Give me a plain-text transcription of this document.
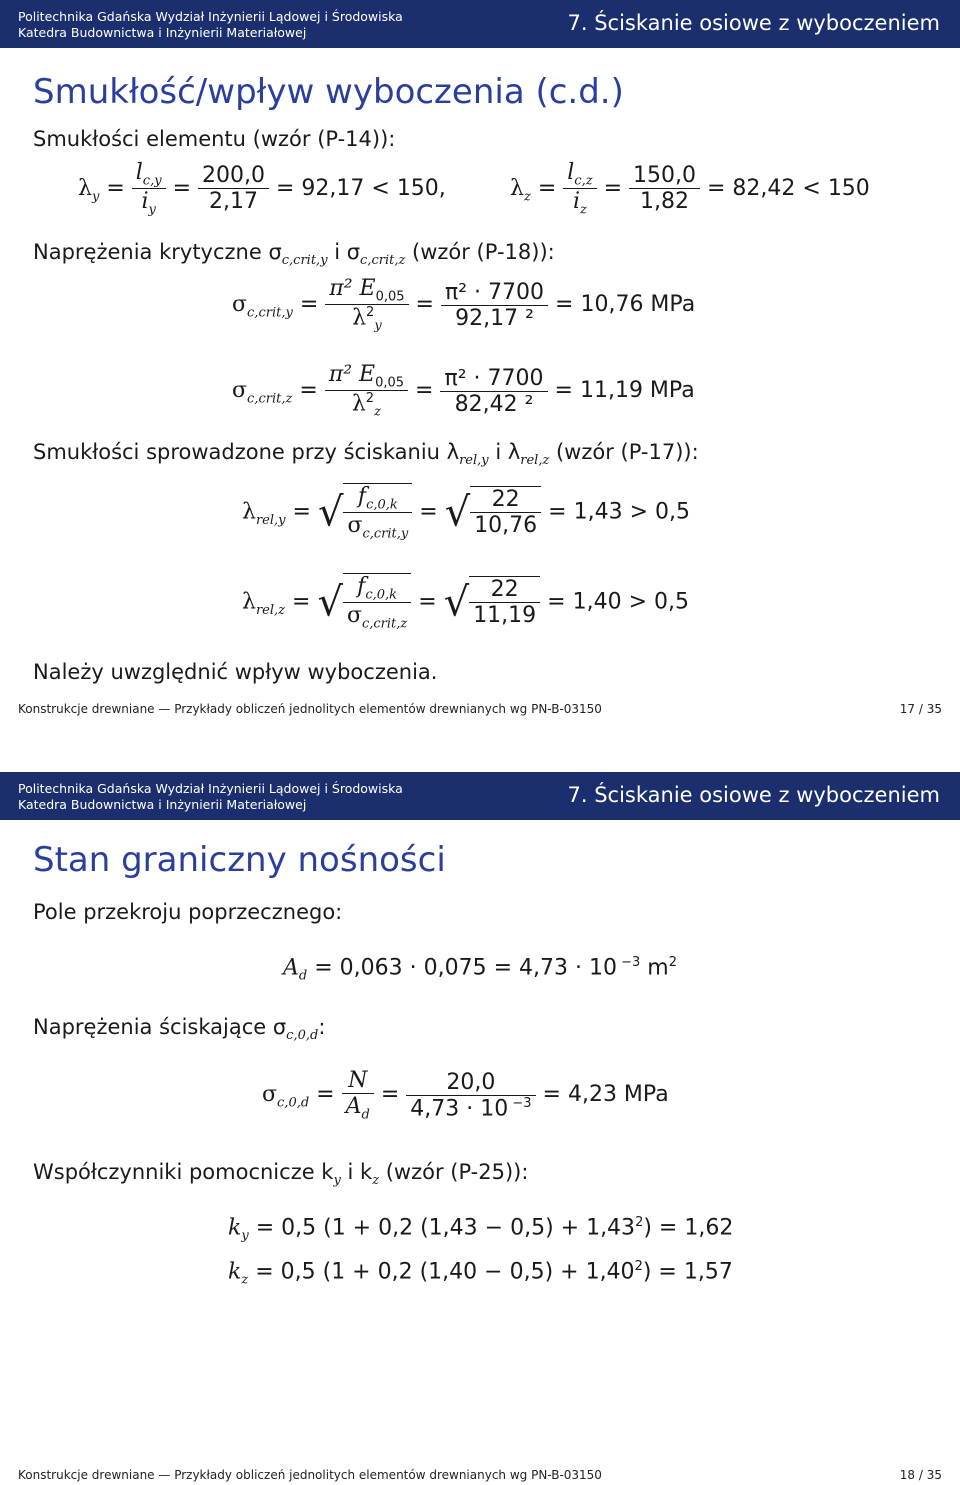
Politechnika Gdańska Wydział Inżynierii Lądowej i Środowiska
Katedra Budownictwa i Inżynierii Materiałowej	7. Ściskanie osiowe z wyboczeniem
Smukłość/wpływ wyboczenia (c.d.)
Smukłości elementu (wzór (P-14)):
$\lambda_y = \frac{l_{c,y}}{i_y} = \frac{200,0}{2,17} = 92,17 < 150$,	$\lambda_z = \frac{l_{c,z}}{i_z} = \frac{150,0}{1,82} = 82,42 < 150$
Naprężenia krytyczne $\sigma_{c,crit,y}$ i $\sigma_{c,crit,z}$ (wzór (P-18)):
$\sigma_{c,crit,y} = \frac{\pi^2 E_{0,05}}{\lambda^2_y} = \frac{\text{π² · 7700}}{\text{92,17 ²}} = 10,76$ MPa
$\sigma_{c,crit,z} = \frac{\pi^2 E_{0,05}}{\lambda^2_z} = \frac{\text{π² · 7700}}{\text{82,42 ²}} = 11,19$ MPa
Smukłości sprowadzone przy ściskaniu $\lambda_{rel,y}$ i $\lambda_{rel,z}$ (wzór (P-17)):
$\lambda_{rel,y}$ = √ $\frac{f_{c,0,k}}{\sigma_{c,crit,y}}$ = √ $\frac{22}{10,76} = 1,43 > 0,5$
$\lambda_{rel,z}$ = √ $\frac{f_{c,0,k}}{\sigma_{c,crit,z}}$ = √ $\frac{22}{11,19} = 1,40 > 0,5$
Należy uwzględnić wpływ wyboczenia.
Konstrukcje drewniane — Przykłady obliczeń jednolitych elementów drewnianych wg PN-B-03150	17 / 35
Politechnika Gdańska Wydział Inżynierii Lądowej i Środowiska
Katedra Budownictwa i Inżynierii Materiałowej	7. Ściskanie osiowe z wyboczeniem
Stan graniczny nośności
Pole przekroju poprzecznego:
$A_d = 0,063 \cdot 0,075 = 4,73 \cdot 10$ $^{-3}$ $m^2$
Naprężenia ściskające $\sigma_{c,0,d}$:
$\sigma_{c,0,d} = \frac{N}{A_d} = \frac{20,0}{4,73 \cdot 10 ^{-3}} = 4,23$ MPa
Współczynniki pomocnicze $k_y$ i $k_z$ (wzór (P-25)):
$k_y = 0,5$ (1 + 0,2 $(1,43 - 0,5) + 1,43^2) = 1,62$
$k_z = 0,5$ (1 + 0,2 $(1,40 - 0,5) + 1,40^2) = 1,57$
Konstrukcje drewniane — Przykłady obliczeń jednolitych elementów drewnianych wg PN-B-03150	18 / 35
